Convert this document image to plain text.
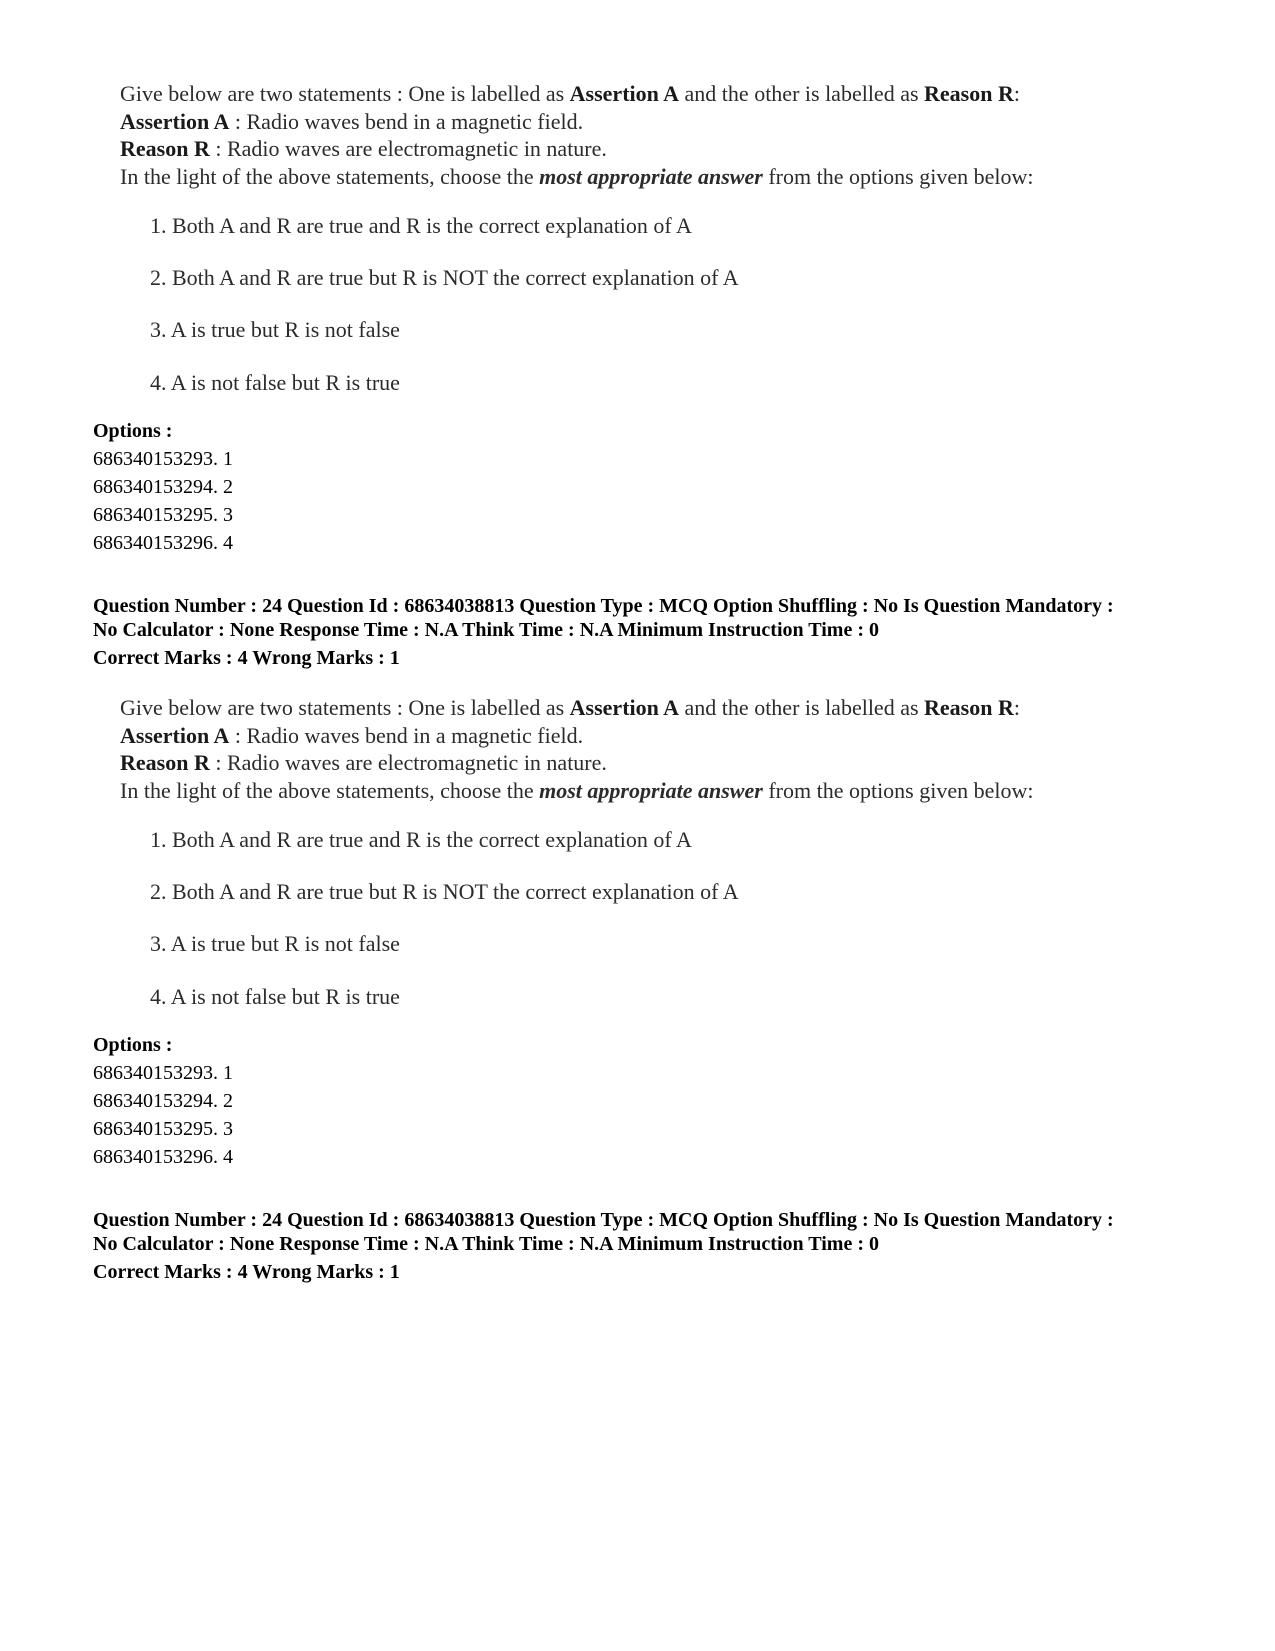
Give below are two statements : One is labelled as Assertion A and the other is labelled as Reason R:
Assertion A : Radio waves bend in a magnetic field.
Reason R : Radio waves are electromagnetic in nature.
In the light of the above statements, choose the most appropriate answer from the options given below:
1. Both A and R are true and R is the correct explanation of A
2. Both A and R are true but R is NOT the correct explanation of A
3. A is true but R is not false
4. A is not false but R is true
Options :
686340153293. 1
686340153294. 2
686340153295. 3
686340153296. 4
Question Number : 24 Question Id : 68634038813 Question Type : MCQ Option Shuffling : No Is Question Mandatory :
No Calculator : None Response Time : N.A Think Time : N.A Minimum Instruction Time : 0
Correct Marks : 4 Wrong Marks : 1
Give below are two statements : One is labelled as Assertion A and the other is labelled as Reason R:
Assertion A : Radio waves bend in a magnetic field.
Reason R : Radio waves are electromagnetic in nature.
In the light of the above statements, choose the most appropriate answer from the options given below:
1. Both A and R are true and R is the correct explanation of A
2. Both A and R are true but R is NOT the correct explanation of A
3. A is true but R is not false
4. A is not false but R is true
Options :
686340153293. 1
686340153294. 2
686340153295. 3
686340153296. 4
Question Number : 24 Question Id : 68634038813 Question Type : MCQ Option Shuffling : No Is Question Mandatory :
No Calculator : None Response Time : N.A Think Time : N.A Minimum Instruction Time : 0
Correct Marks : 4 Wrong Marks : 1
